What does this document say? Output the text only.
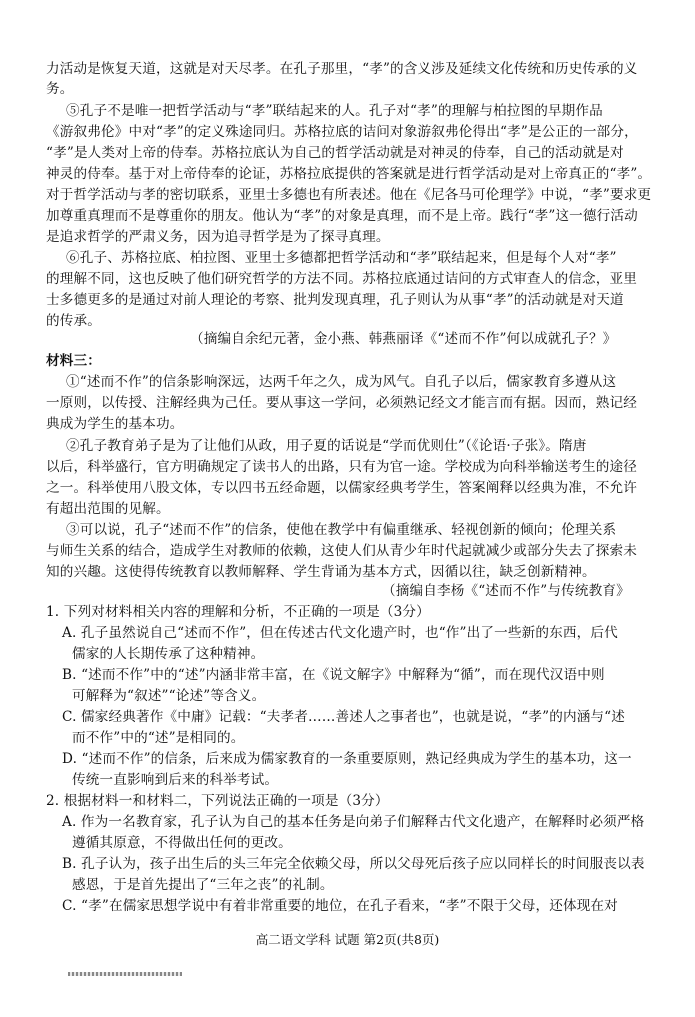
力活动是恢复天道，这就是对天尽孝。在孔子那里，“孝”的含义涉及延续文化传统和历史传承的义
务。
⑤孔子不是唯一把哲学活动与“孝”联结起来的人。孔子对“孝”的理解与柏拉图的早期作品
《游叙弗伦》中对“孝”的定义殊途同归。苏格拉底的诘问对象游叙弗伦得出“孝”是公正的一部分，
“孝”是人类对上帝的侍奉。苏格拉底认为自己的哲学活动就是对神灵的侍奉，自己的活动就是对
神灵的侍奉。基于对上帝侍奉的论证，苏格拉底提供的答案就是进行哲学活动是对上帝真正的“孝”。
对于哲学活动与孝的密切联系，亚里士多德也有所表述。他在《尼各马可伦理学》中说，“孝”要求更
加尊重真理而不是尊重你的朋友。他认为“孝”的对象是真理，而不是上帝。践行“孝”这一德行活动
是追求哲学的严肃义务，因为追寻哲学是为了探寻真理。
⑥孔子、苏格拉底、柏拉图、亚里士多德都把哲学活动和“孝”联结起来，但是每个人对“孝”
的理解不同，这也反映了他们研究哲学的方法不同。苏格拉底通过诘问的方式审查人的信念，亚里
士多德更多的是通过对前人理论的考察、批判发现真理，孔子则认为从事“孝”的活动就是对天道
的传承。
（摘编自余纪元著，金小燕、韩燕丽译《“述而不作”何以成就孔子？》
材料三：
①“述而不作”的信条影响深远，达两千年之久，成为风气。自孔子以后，儒家教育多遵从这
一原则，以传授、注解经典为己任。要从事这一学问，必须熟记经文才能言而有据。因而，熟记经
典成为学生的基本功。
②孔子教育弟子是为了让他们从政，用子夏的话说是“学而优则仕”（《论语·子张》。隋唐
以后，科举盛行，官方明确规定了读书人的出路，只有为官一途。学校成为向科举输送考生的途径
之一。科举使用八股文体，专以四书五经命题，以儒家经典考学生，答案阐释以经典为准，不允许
有超出范围的见解。
③可以说，孔子“述而不作”的信条，使他在教学中有偏重继承、轻视创新的倾向；伦理关系
与师生关系的结合，造成学生对教师的依赖，这使人们从青少年时代起就减少或部分失去了探索未
知的兴趣。这使得传统教育以教师解释、学生背诵为基本方式，因循以往，缺乏创新精神。
（摘编自李杨《“述而不作”与传统教育》
1. 下列对材料相关内容的理解和分析，不正确的一项是（3分）
A. 孔子虽然说自己“述而不作”，但在传述古代文化遗产时，也“作”出了一些新的东西，后代
儒家的人长期传承了这种精神。
B. “述而不作”中的“述”内涵非常丰富，在《说文解字》中解释为“循”，而在现代汉语中则
可解释为“叙述”“论述”等含义。
C. 儒家经典著作《中庸》记载：“夫孝者……善述人之事者也”，也就是说，“孝”的内涵与“述
而不作”中的“述”是相同的。
D. “述而不作”的信条，后来成为儒家教育的一条重要原则，熟记经典成为学生的基本功，这一
传统一直影响到后来的科举考试。
2. 根据材料一和材料二，下列说法正确的一项是（3分）
A. 作为一名教育家，孔子认为自己的基本任务是向弟子们解释古代文化遗产，在解释时必须严格
遵循其原意，不得做出任何的更改。
B. 孔子认为，孩子出生后的头三年完全依赖父母，所以父母死后孩子应以同样长的时间服丧以表
感恩，于是首先提出了“三年之丧”的礼制。
C. “孝”在儒家思想学说中有着非常重要的地位，在孔子看来，“孝”不限于父母，还体现在对
高二语文学科 试题 第2页(共8页)
